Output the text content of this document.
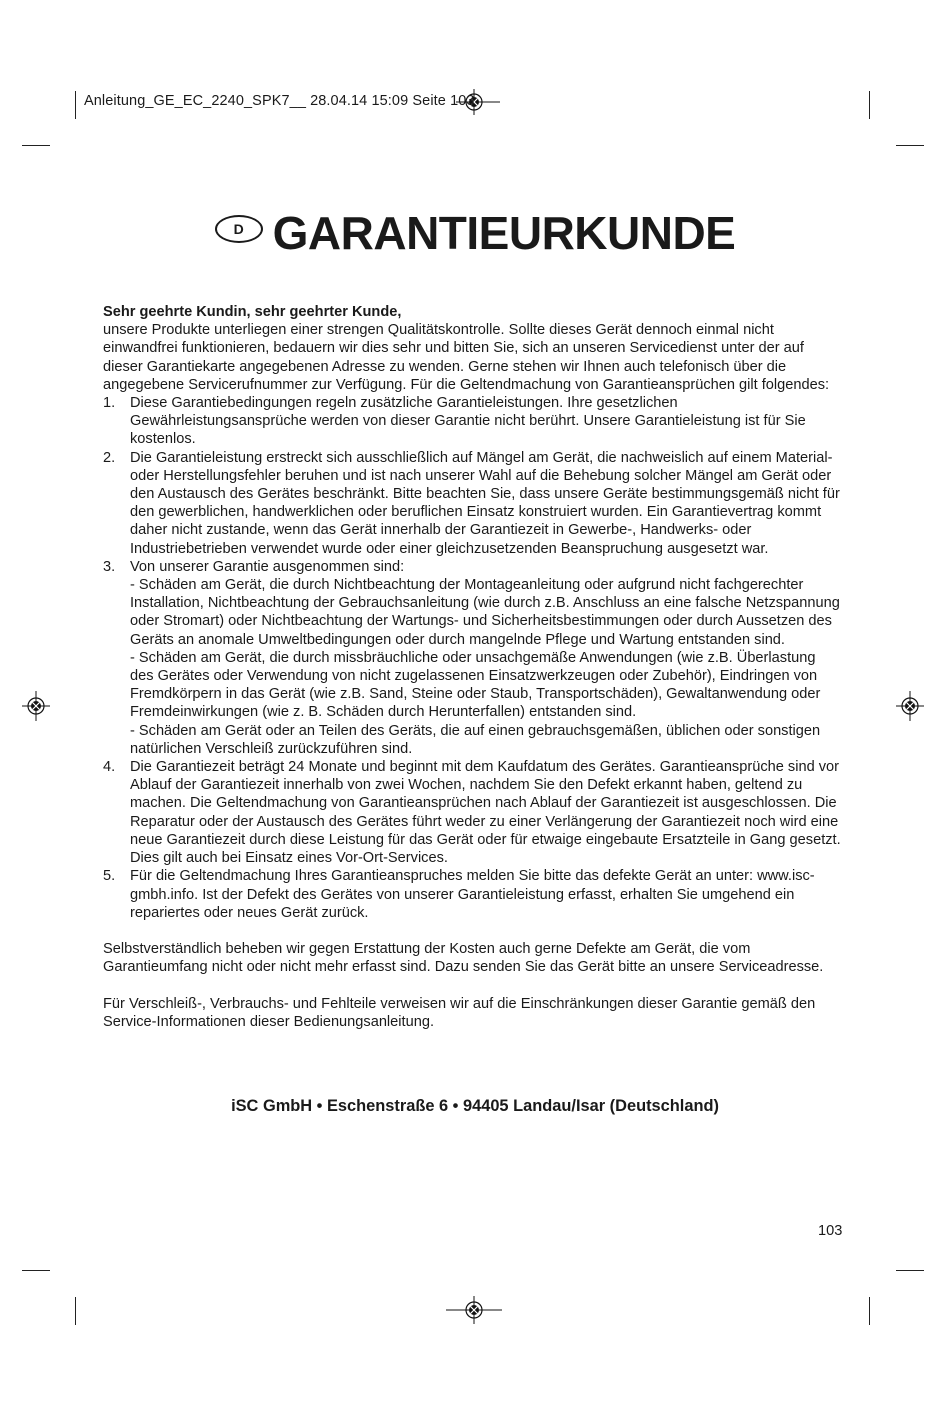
Anleitung_GE_EC_2240_SPK7__ 28.04.14 15:09 Seite 103
D GARANTIEURKUNDE

Sehr geehrte Kundin, sehr geehrter Kunde,

unsere Produkte unterliegen einer strengen Qualitätskontrolle. Sollte dieses Gerät dennoch einmal nicht einwandfrei funktionieren, bedauern wir dies sehr und bitten Sie, sich an unseren Servicedienst unter der auf dieser Garantiekarte angegebenen Adresse zu wenden. Gerne stehen wir Ihnen auch telefonisch über die angegebene Servicerufnummer zur Verfügung. Für die Geltendmachung von Garantieansprüchen gilt folgendes:

1.	Diese Garantiebedingungen regeln zusätzliche Garantieleistungen. Ihre gesetzlichen Gewährleistungsansprüche werden von dieser Garantie nicht berührt. Unsere Garantieleistung ist für Sie kostenlos.
2.	Die Garantieleistung erstreckt sich ausschließlich auf Mängel am Gerät, die nachweislich auf einem Material- oder Herstellungsfehler beruhen und ist nach unserer Wahl auf die Behebung solcher Mängel am Gerät oder den Austausch des Gerätes beschränkt. Bitte beachten Sie, dass unsere Geräte bestimmungsgemäß nicht für den gewerblichen, handwerklichen oder beruflichen Einsatz konstruiert wurden. Ein Garantievertrag kommt daher nicht zustande, wenn das Gerät innerhalb der Garantiezeit in Gewerbe-, Handwerks- oder Industriebetrieben verwendet wurde oder einer gleichzusetzenden Beanspruchung ausgesetzt war.
3.	Von unserer Garantie ausgenommen sind:
- Schäden am Gerät, die durch Nichtbeachtung der Montageanleitung oder aufgrund nicht fachgerechter Installation, Nichtbeachtung der Gebrauchsanleitung (wie durch z.B. Anschluss an eine falsche Netzspannung oder Stromart) oder Nichtbeachtung der Wartungs- und Sicherheitsbestimmungen oder durch Aussetzen des Geräts an anomale Umweltbedingungen oder durch mangelnde Pflege und Wartung entstanden sind.
- Schäden am Gerät, die durch missbräuchliche oder unsachgemäße Anwendungen (wie z.B. Überlastung des Gerätes oder Verwendung von nicht zugelassenen Einsatzwerkzeugen oder Zubehör), Eindringen von Fremdkörpern in das Gerät (wie z.B. Sand, Steine oder Staub, Transportschäden), Gewaltanwendung oder Fremdeinwirkungen (wie z. B. Schäden durch Herunterfallen) entstanden sind.
- Schäden am Gerät oder an Teilen des Geräts, die auf einen gebrauchsgemäßen, üblichen oder sonstigen natürlichen Verschleiß zurückzuführen sind.
4.	Die Garantiezeit beträgt 24 Monate und beginnt mit dem Kaufdatum des Gerätes. Garantieansprüche sind vor Ablauf der Garantiezeit innerhalb von zwei Wochen, nachdem Sie den Defekt erkannt haben, geltend zu machen. Die Geltendmachung von Garantieansprüchen nach Ablauf der Garantiezeit ist ausgeschlossen. Die Reparatur oder der Austausch des Gerätes führt weder zu einer Verlängerung der Garantiezeit noch wird eine neue Garantiezeit durch diese Leistung für das Gerät oder für etwaige eingebaute Ersatzteile in Gang gesetzt. Dies gilt auch bei Einsatz eines Vor-Ort-Services.
5.	Für die Geltendmachung Ihres Garantieanspruches melden Sie bitte das defekte Gerät an unter: www.isc-gmbh.info. Ist der Defekt des Gerätes von unserer Garantieleistung erfasst, erhalten Sie umgehend ein repariertes oder neues Gerät zurück.

Selbstverständlich beheben wir gegen Erstattung der Kosten auch gerne Defekte am Gerät, die vom Garantieumfang nicht oder nicht mehr erfasst sind. Dazu senden Sie das Gerät bitte an unsere Serviceadresse.

Für Verschleiß-, Verbrauchs- und Fehlteile verweisen wir auf die Einschränkungen dieser Garantie gemäß den Service-Informationen dieser Bedienungsanleitung.

iSC GmbH • Eschenstraße 6 • 94405 Landau/Isar (Deutschland)
103
